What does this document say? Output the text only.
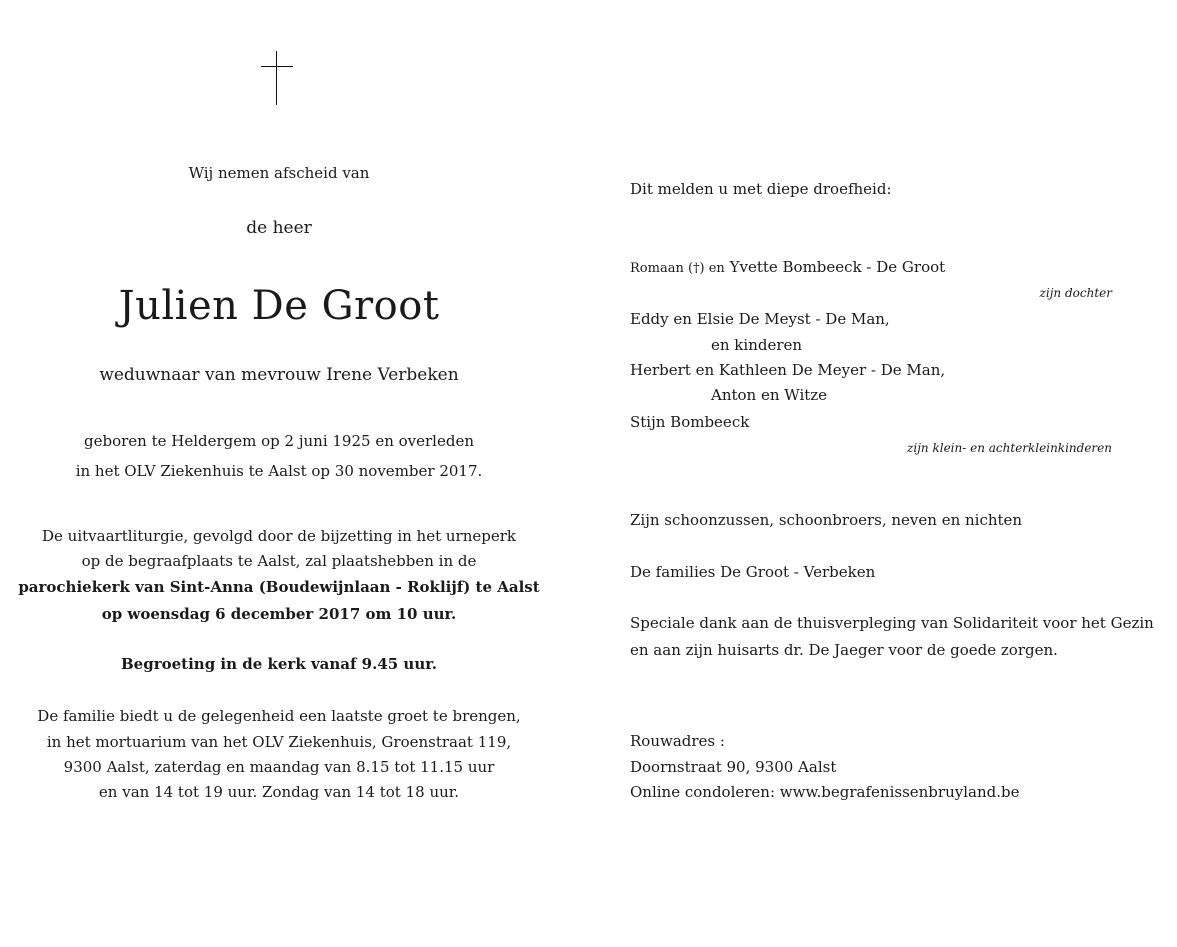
Wij nemen afscheid van
de heer
Julien De Groot
weduwnaar van mevrouw Irene Verbeken
geboren te Heldergem op 2 juni 1925 en overleden
in het OLV Ziekenhuis te Aalst op 30 november 2017.
De uitvaartliturgie, gevolgd door de bijzetting in het urneperk
op de begraafplaats te Aalst, zal plaatshebben in de
parochiekerk van Sint-Anna (Boudewijnlaan - Roklijf) te Aalst
op woensdag 6 december 2017 om 10 uur.
Begroeting in de kerk vanaf 9.45 uur.
De familie biedt u de gelegenheid een laatste groet te brengen,
in het mortuarium van het OLV Ziekenhuis, Groenstraat 119,
9300 Aalst, zaterdag en maandag van 8.15 tot 11.15 uur
en van 14 tot 19 uur. Zondag van 14 tot 18 uur.
Dit melden u met diepe droefheid:
Romaan (†) en Yvette Bombeeck - De Groot
zijn dochter
Eddy en Elsie De Meyst - De Man,
en kinderen
Herbert en Kathleen De Meyer - De Man,
Anton en Witze
Stijn Bombeeck
zijn klein- en achterkleinkinderen
Zijn schoonzussen, schoonbroers, neven en nichten
De families De Groot - Verbeken
Speciale dank aan de thuisverpleging van Solidariteit voor het Gezin
en aan zijn huisarts dr. De Jaeger voor de goede zorgen.
Rouwadres :
Doornstraat 90, 9300 Aalst
Online condoleren: www.begrafenissenbruyland.be
